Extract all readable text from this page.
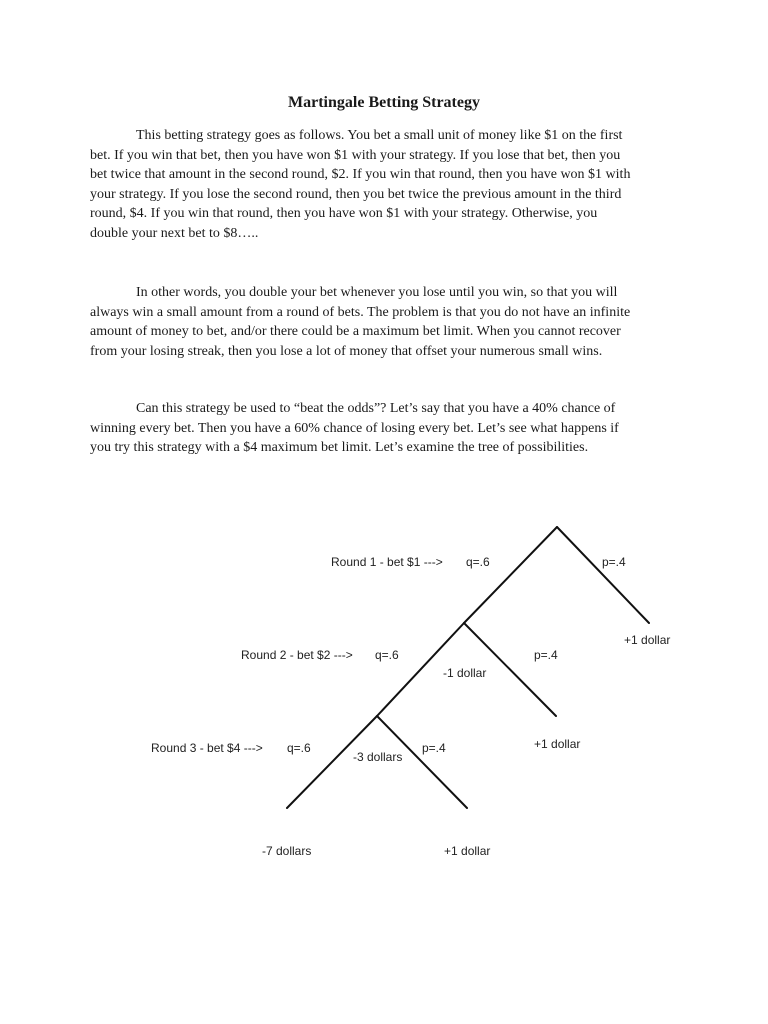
Martingale Betting Strategy

This betting strategy goes as follows. You bet a small unit of money like $1 on the first
bet. If you win that bet, then you have won $1 with your strategy. If you lose that bet, then you
bet twice that amount in the second round, $2. If you win that round, then you have won $1 with
your strategy. If you lose the second round, then you bet twice the previous amount in the third
round, $4. If you win that round, then you have won $1 with your strategy. Otherwise, you
double your next bet to $8…..

In other words, you double your bet whenever you lose until you win, so that you will
always win a small amount from a round of bets. The problem is that you do not have an infinite
amount of money to bet, and/or there could be a maximum bet limit. When you cannot recover
from your losing streak, then you lose a lot of money that offset your numerous small wins.

Can this strategy be used to “beat the odds”? Let’s say that you have a 40% chance of
winning every bet. Then you have a 60% chance of losing every bet. Let’s see what happens if
you try this strategy with a $4 maximum bet limit. Let’s examine the tree of possibilities.

Round 1 - bet $1 ---> q=.6	p=.4
+1 dollar
Round 2 - bet $2 ---> q=.6	p=.4
-1 dollar
+1 dollar
Round 3 - bet $4 ---> q=.6	p=.4
-3 dollars
-7 dollars	+1 dollar
